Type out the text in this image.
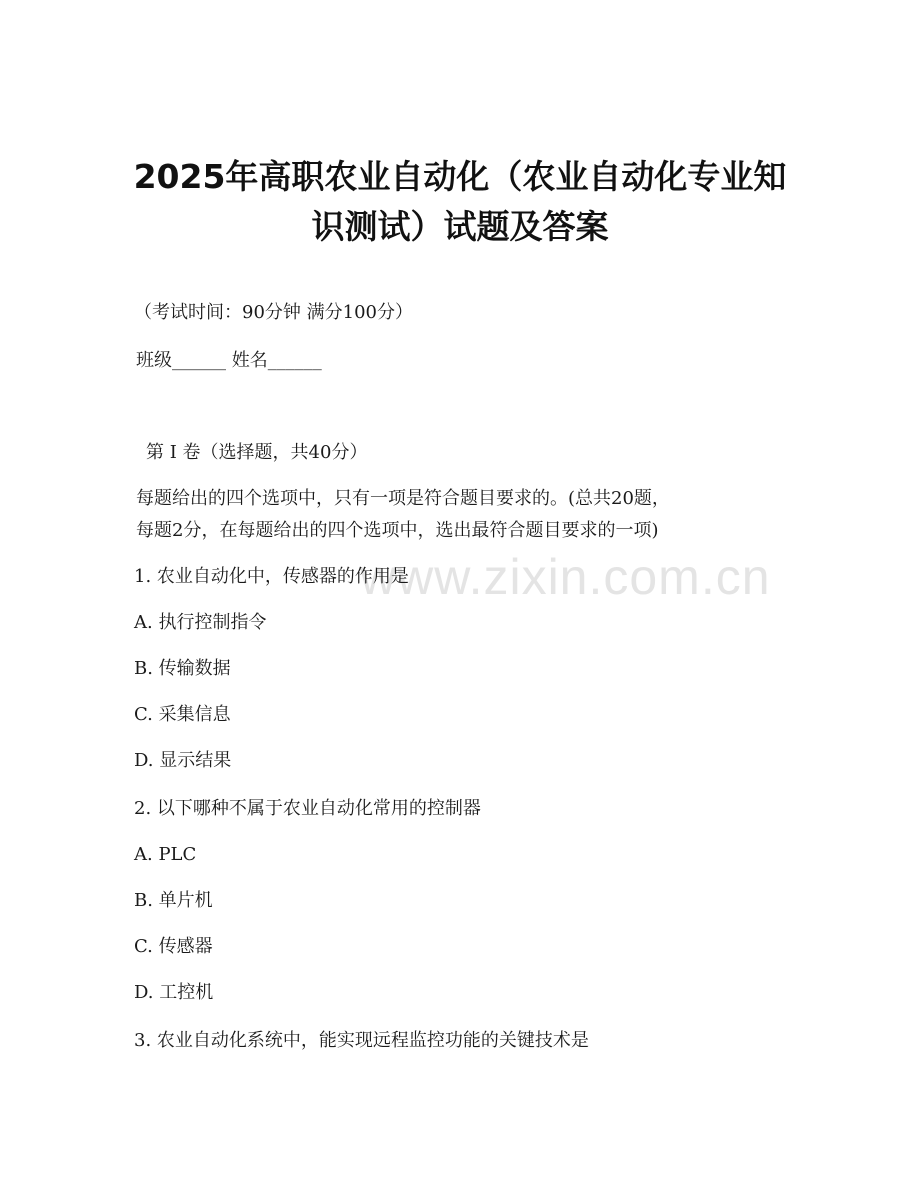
www.zixin.com.cn
2025年高职农业自动化（农业自动化专业知
识测试）试题及答案
（考试时间：90分钟 满分100分）
班级______ 姓名______
第 I 卷（选择题，共40分）
每题给出的四个选项中，只有一项是符合题目要求的。(总共20题，
每题2分，在每题给出的四个选项中，选出最符合题目要求的一项)
1. 农业自动化中，传感器的作用是
A. 执行控制指令
B. 传输数据
C. 采集信息
D. 显示结果
2. 以下哪种不属于农业自动化常用的控制器
A. PLC
B. 单片机
C. 传感器
D. 工控机
3. 农业自动化系统中，能实现远程监控功能的关键技术是
